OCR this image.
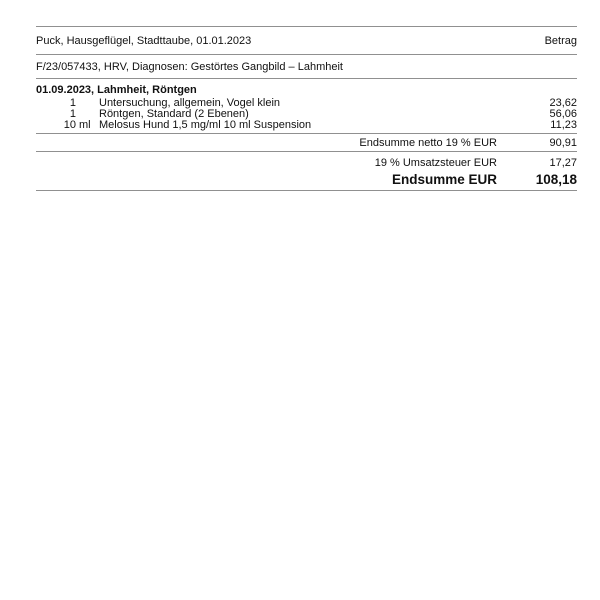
Puck, Hausgeflügel, Stadttaube, 01.01.2023	Betrag
F/23/057433, HRV, Diagnosen: Gestörtes Gangbild – Lahmheit
01.09.2023, Lahmheit, Röntgen
1 Untersuchung, allgemein, Vogel klein	23,62
1 Röntgen, Standard (2 Ebenen)	56,06
10 ml Melosus Hund 1,5 mg/ml 10 ml Suspension	11,23
Endsumme netto 19 % EUR	90,91
19 % Umsatzsteuer EUR	17,27
Endsumme EUR	108,18
